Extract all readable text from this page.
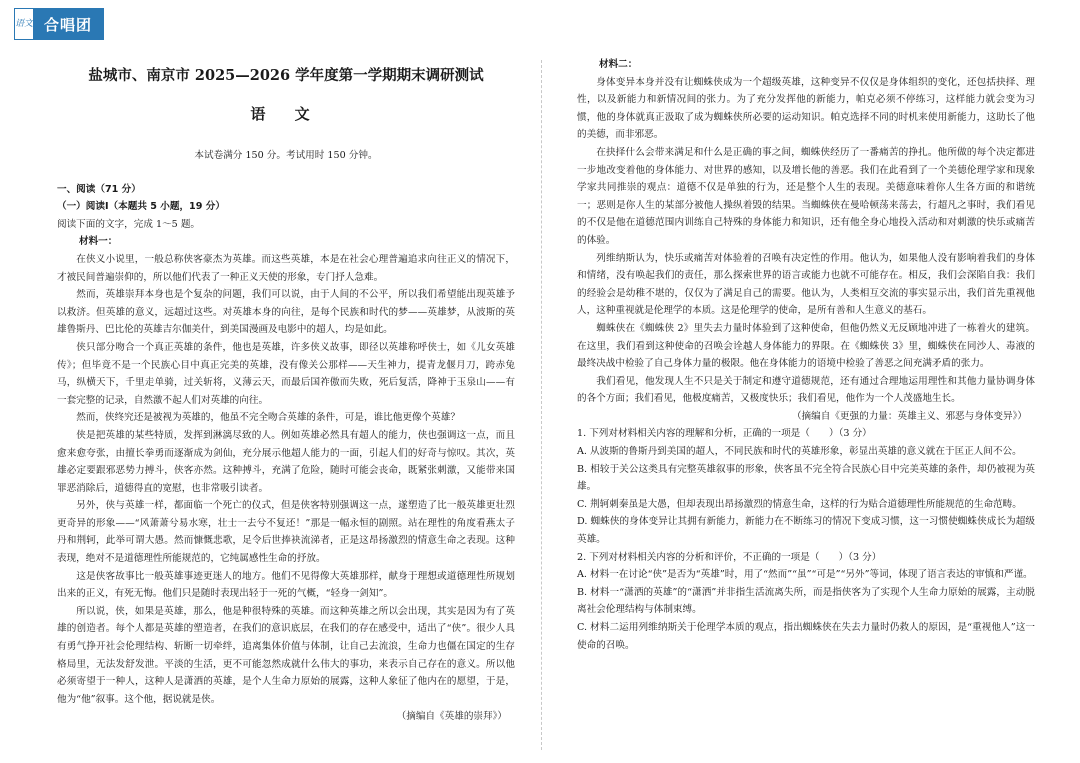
语文 合唱团
盐城市、南京市 2025—2026 学年度第一学期期末调研测试
语 文
本试卷满分 150 分。考试用时 150 分钟。
一、阅读（71 分）
（一）阅读Ⅰ（本题共 5 小题，19 分）

阅读下面的文字，完成 1～5 题。

材料一：

在侠义小说里，一般总称侠客豪杰为英雄。而这些英雄，本是在社会心理普遍追求向往正义的情况下，才被民间普遍崇仰的，所以他们代表了一种正义天使的形象，专门抒人急难。

然而，英雄崇拜本身也是个复杂的问题，我们可以说，由于人间的不公平，所以我们希望能出现英雄予以救济。但英雄的意义，远超过这些。对英雄本身的向往，是每个民族和时代的梦——英雄梦，从波斯的英雄鲁斯丹、巴比伦的英雄吉尔伽美什，到美国漫画及电影中的超人，均是如此。

侠只部分吻合一个真正英雄的条件，他也是英雄，许多侠义故事，即径以英雄称呼侠士，如《儿女英雄传》；但毕竟不是一个民族心目中真正完美的英雄，没有像关公那样——天生神力，提青龙偃月刀，跨赤兔马，纵横天下，千里走单骑，过关斩将，义薄云天，而最后国祚傲而失败，死后复活，降神于玉泉山——有一套完整的记录，自然激不起人们对英雄的向往。

然而，侠终究还是被视为英雄的，他虽不完全吻合英雄的条件，可是，谁比他更像个英雄？

侠是把英雄的某些特质，发挥到淋漓尽致的人。例如英雄必然具有超人的能力，侠也强调这一点，而且愈来愈夸张，由擅长拳勇而逐渐成为剑仙，充分展示他超人能力的一面，引起人们的好奇与惊叹。其次，英雄必定要跟邪恶势力搏斗，侠客亦然。这种搏斗，充满了危险，随时可能会丧命，既紧张刺激，又能带来国罪恶消除后，道德得直的宽慰，也非常吸引读者。

另外，侠与英雄一样，都面临一个死亡的仪式，但是侠客特别强调这一点，遂塑造了比一般英雄更壮烈更奇异的形象——“风萧萧兮易水寒，壮士一去兮不复还！”那是一幅永恒的剧照。站在理性的角度看燕太子丹和荆轲，此举可谓大愚。然而慷慨悲歌，足令后世捧袂流涕者，正是这昂扬激烈的情意生命之表现。这种表现，绝对不是道德理性所能规范的，它纯属感性生命的抒放。

这是侠客故事比一般英雄事迹更迷人的地方。他们不见得像大英雄那样，献身于理想或道德理性所规划出来的正义，有死无悔。他们只是随时表现出轻于一死的气概，“轻身一剑知”。

所以说，侠，如果是英雄，那么，他是种很特殊的英雄。而这种英雄之所以会出现，其实是因为有了英雄的创造者。每个人都是英雄的塑造者，在我们的意识底层，在我们的存在感受中，适出了“侠”。很少人具有勇气挣开社会伦理结构、斩断一切牵绊，追离集体价值与体制，让自己去流浪，生命力也僵在国定的生存格局里，无法发舒发泄。平淡的生活，更不可能忽然成就什么伟大的事功，来表示自己存在的意义。所以他必须寄望于一种人，这种人是潇洒的英雄，是个人生命力原始的展露，这种人象征了他内在的愿望，于是，他为“他”叙事。这个他，据说就是侠。

（摘编自《英雄的崇拜》）

材料二：

身体变异本身并没有让蜘蛛侠成为一个超级英雄，这种变异不仅仅是身体组织的变化，还包括抉择、理性，以及新能力和新情况间的张力。为了充分发挥他的新能力，帕克必须不停练习，这样能力就会变为习惯，他的身体就真正汲取了成为蜘蛛侠所必要的运动知识。帕克选择不同的时机来使用新能力，这助长了他的美德，而非邪恶。

在抉择什么会带来满足和什么是正确的事之间，蜘蛛侠经历了一番痛苦的挣扎。他所做的每个决定都进一步地改变着他的身体能力、对世界的感知，以及增长他的善恶。我们在此看到了一个美德伦理学家和现象学家共同推崇的观点：道德不仅是单独的行为，还是整个人生的表现。美德意味着你人生各方面的和谐统一；恶则是你人生的某部分被他人操纵着毁的结果。当蜘蛛侠在曼哈顿荡来荡去，行超凡之事时，我们看见的不仅是他在道德范围内训练自己特殊的身体能力和知识，还有他全身心地投入活动和对刺激的快乐或痛苦的体验。

列维纳斯认为，快乐或痛苦对体验着的召唤有决定性的作用。他认为，如果他人没有影响着我们的身体和情绪，没有唤起我们的责任，那么探索世界的语言或能力也就不可能存在。相反，我们会深陷自我：我们的经验会是幼稚不堪的，仅仅为了满足自己的需要。他认为，人类相互交流的事实显示出，我们首先重视他人，这种重视就是伦理学的本质。这是伦理学的使命，是所有善和人生意义的基石。

蜘蛛侠在《蜘蛛侠 2》里失去力量时体验到了这种使命，但他仍然义无反顾地冲进了一栋着火的建筑。在这里，我们看到这种使命的召唤会诠越人身体能力的界限。在《蜘蛛侠 3》里，蜘蛛侠在同沙人、毒液的最终决战中检验了自己身体力量的极限。他在身体能力的语境中检验了善恶之间充满矛盾的张力。

我们看见，他发现人生不只是关于制定和遵守道德规范，还有通过合理地运用理性和其他力量协调身体的各个方面；我们看见，他极度痛苦，又极度快乐；我们看见，他作为一个人茂盛地生长。

（摘编自《更强的力量：英雄主义、邪恶与身体变异》）

1. 下列对材料相关内容的理解和分析，正确的一项是（　　）（3 分）

A. 从波斯的鲁斯丹到美国的超人，不同民族和时代的英雄形象，彰显出英雄的意义就在于匡正人间不公。

B. 相较于关公这类具有完整英雄叙事的形象，侠客虽不完全符合民族心目中完美英雄的条件，却仍被视为英雄。

C. 荆轲刺秦虽是大愚，但却表现出昂扬激烈的情意生命，这样的行为贴合道德理性所能规范的生命范畴。

D. 蜘蛛侠的身体变异让其拥有新能力，新能力在不断练习的情况下变成习惯，这一习惯使蜘蛛侠成长为超级英雄。

2. 下列对材料相关内容的分析和评价，不正确的一项是（　　）（3 分）

A. 材料一在讨论“侠”是否为“英雄”时，用了“然而”“虽”“可是”“另外”等词，体现了语言表达的审慎和严谨。

B. 材料一“潇洒的英雄”的“潇洒”并非指生活流离失所，而是指侠客为了实现个人生命力原始的展露，主动脱离社会伦理结构与体制束缚。

C. 材料二运用列维纳斯关于伦理学本质的观点，指出蜘蛛侠在失去力量时仍救人的原因，是“重视他人”这一使命的召唤。
